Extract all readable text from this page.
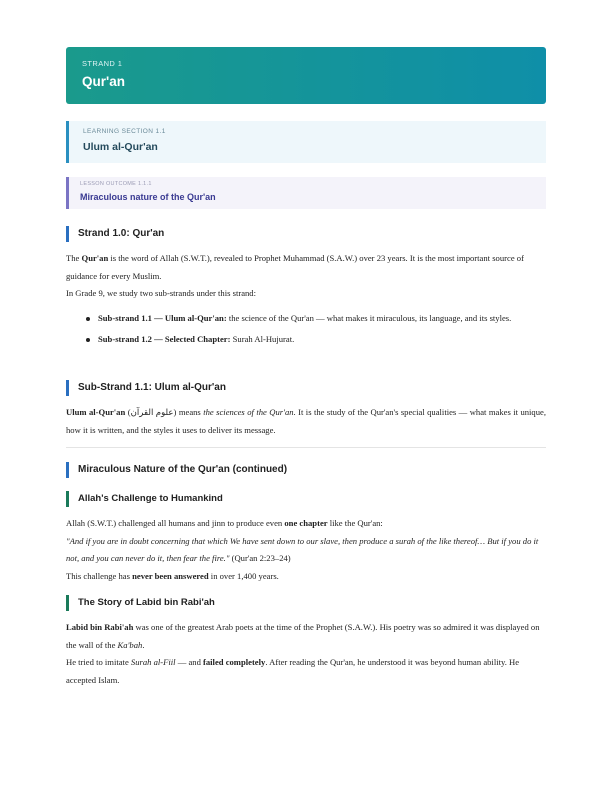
STRAND 1
Qur'an
LEARNING SECTION 1.1
Ulum al-Qur'an
LESSON OUTCOME 1.1.1
Miraculous nature of the Qur'an
Strand 1.0: Qur'an
The Qur'an is the word of Allah (S.W.T.), revealed to Prophet Muhammad (S.A.W.) over 23 years. It is the most important source of guidance for every Muslim.
In Grade 9, we study two sub-strands under this strand:
Sub-strand 1.1 — Ulum al-Qur'an: the science of the Qur'an — what makes it miraculous, its language, and its styles.
Sub-strand 1.2 — Selected Chapter: Surah Al-Hujurat.
Sub-Strand 1.1: Ulum al-Qur'an
Ulum al-Qur'an (علوم القرآن) means the sciences of the Qur'an. It is the study of the Qur'an's special qualities — what makes it unique, how it is written, and the styles it uses to deliver its message.
Miraculous Nature of the Qur'an (continued)
Allah's Challenge to Humankind
Allah (S.W.T.) challenged all humans and jinn to produce even one chapter like the Qur'an:
"And if you are in doubt concerning that which We have sent down to our slave, then produce a surah of the like thereof… But if you do it not, and you can never do it, then fear the fire." (Qur'an 2:23–24)
This challenge has never been answered in over 1,400 years.
The Story of Labid bin Rabi'ah
Labid bin Rabi'ah was one of the greatest Arab poets at the time of the Prophet (S.A.W.). His poetry was so admired it was displayed on the wall of the Ka'bah.
He tried to imitate Surah al-Fiil — and failed completely. After reading the Qur'an, he understood it was beyond human ability. He accepted Islam.
